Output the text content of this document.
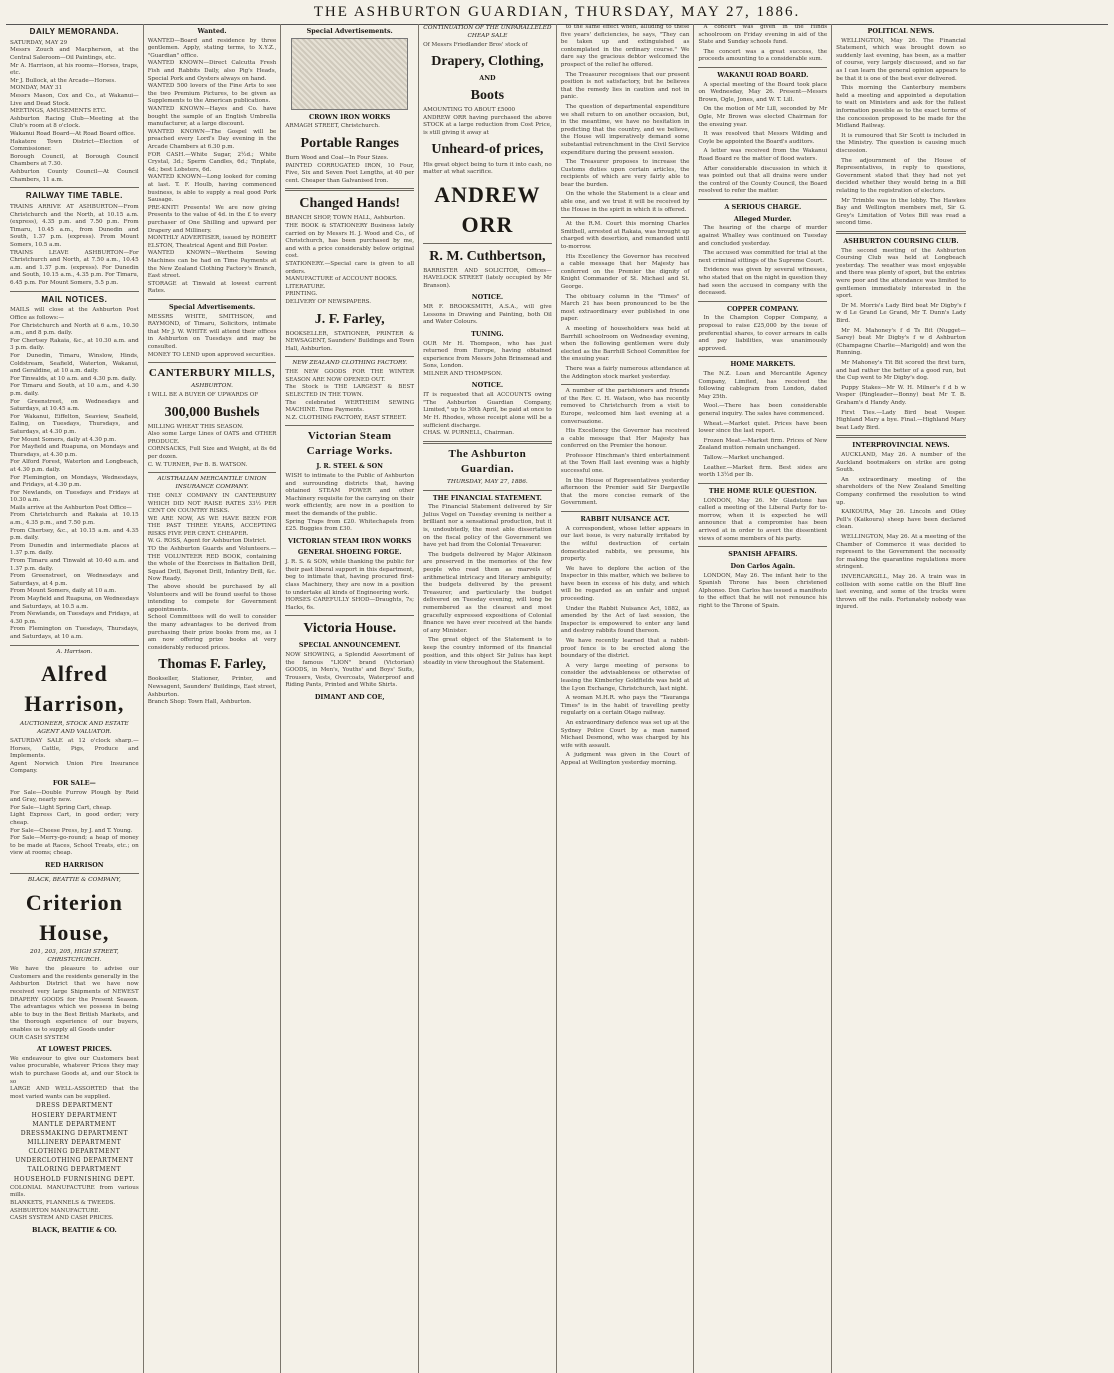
THE ASHBURTON GUARDIAN, THURSDAY, MAY 27, 1886.
DAILY MEMORANDA.
SATURDAY, MAY 29
Messrs Zouch and Macpherson, at the Central Saleroom—Oil Paintings, etc.
Mr A. Harrison, at his rooms—Horses, traps, etc.
Mr J. Bullock, at the Arcade—Horses.
MONDAY, MAY 31
Messrs Mason, Cox and Co., at Wakanui—Live and Dead Stock.
MEETINGS, AMUSEMENTS ETC.
Ashburton Racing Club—Meeting at the Club's room at 8 o'clock.
Wakanui Road Board—At Road Board office.
Hakatere Town District—Election of Commissioner.
Borough Council, at Borough Council Chambers at 7.30.
Ashburton County Council—At Council Chambers, 11 a.m.
RAILWAY TIME TABLE.
TRAINS ARRIVE AT ASHBURTON—From Christchurch and the North, at 10.15 a.m. (express), 4.35 p.m. and 7.50 p.m. From Timaru, 10.45 a.m., from Dunedin and South, 1.37 p.m. (express). From Mount Somers, 10.5 a.m.
TRAINS LEAVE ASHBURTON—For Christchurch and North, at 7.50 a.m., 10.45 a.m. and 1.37 p.m. (express). For Dunedin and South, 10.15 a.m., 4.35 p.m. For Timaru, 6.45 p.m. For Mount Somers, 5.5 p.m.
MAIL NOTICES.
MAILS will close at the Ashburton Post Office as follows:—
For Christchurch and North at 6 a.m., 10.30 a.m., and 8 p.m. daily.
For Chertsey Rakaia, &c., at 10.30 a.m. and 3 p.m. daily.
For Dunedin, Timaru, Winslow, Hinds, Coldstream, Seafield, Waterton, Wakanui, and Geraldine, at 10 a.m. daily.
For Tinwalds, at 10 a.m. and 4.30 p.m. daily.
For Timaru and South, at 10 a.m., and 4.30 p.m. daily.
For Greenstreet, on Wednesdays and Saturdays, at 10.45 a.m.
For Wakanui, Eiffelton, Seaview, Seafield, Ealing, on Tuesdays, Thursdays, and Saturdays, at 4.30 p.m.
For Mount Somers, daily at 4.30 p.m.
For Mayfield and Ruapuna, on Mondays and Thursdays, at 4.30 p.m.
For Alford Forest, Waterton and Longbeach, at 4.30 p.m. daily.
For Flemington, on Mondays, Wednesdays, and Fridays, at 4.30 p.m.
For Newlands, on Tuesdays and Fridays at 10.30 a.m.
Mails arrive at the Ashburton Post Office—
From Christchurch and Rakaia at 10.15 a.m., 4.35 p.m., and 7.50 p.m.
From Chertsey, &c., at 10.15 a.m. and 4.35 p.m. daily.
From Dunedin and intermediate places at 1.37 p.m. daily.
From Timaru and Tinwald at 10.40 a.m. and 1.37 p.m. daily.
From Greenstreet, on Wednesdays and Saturdays, at 4 p.m.
From Mount Somers, daily at 10 a.m.
From Mayfield and Ruapuna, on Wednesdays and Saturdays, at 10.5 a.m.
From Newlands, on Tuesdays and Fridays, at 4.30 p.m.
From Flemington on Tuesdays, Thursdays, and Saturdays, at 10 a.m.
A. Harrison.
Alfred Harrison,
AUCTIONEER, STOCK AND ESTATE AGENT AND VALUATOR.
SATURDAY SALE at 12 o'clock sharp.—Horses, Cattle, Pigs, Produce and Implements.
Agent Norwich Union Fire Insurance Company.
FOR SALE—
For Sale—Double Furrow Plough by Reid and Gray, nearly new.
For Sale—Light Spring Cart, cheap.
Light Express Cart, in good order; very cheap.
For Sale—Cheese Press, by J. and T. Young.
For Sale—Merry-go-round; a heap of money to be made at Races, School Treats, etc.; on view at rooms; cheap.
RED HARRISON
BLACK, BEATTIE & COMPANY,
Criterion House,
201, 203, 205, HIGH STREET, CHRISTCHURCH.
We have the pleasure to advise our Customers and the residents generally in the Ashburton District that we have now received very large Shipments of NEWEST DRAPERY GOODS for the Present Season. The advantages which we possess in being able to buy in the Best British Markets, and the thorough experience of our buyers, enables us to supply all Goods under
OUR CASH SYSTEM
AT LOWEST PRICES.
We endeavour to give our Customers best value procurable, whatever Prices they may wish to purchase Goods at, and our Stock is so
LARGE AND WELL-ASSORTED that the most varied wants can be supplied.
DRESS DEPARTMENT
HOSIERY DEPARTMENT
MANTLE DEPARTMENT
DRESSMAKING DEPARTMENT
MILLINERY DEPARTMENT
CLOTHING DEPARTMENT
UNDERCLOTHING DEPARTMENT
TAILORING DEPARTMENT
HOUSEHOLD FURNISHING DEPT.
COLONIAL MANUFACTURE from various mills.
BLANKETS, FLANNELS & TWEEDS.
ASHBURTON MANUFACTURE.
CASH SYSTEM AND CASH PRICES.
BLACK, BEATTIE & CO.
Wanted.
WANTED—Board and residence by three gentlemen. Apply, stating terms, to X.Y.Z., "Guardian" office.
WANTED KNOWN—Direct Calcutta Fresh Fish and Rabbits Daily, also Pig's Heads, Special Pork and Oysters always on hand.
WANTED 500 lovers of the Fine Arts to see the two Premium Pictures, to be given as Supplements to the American publications.
WANTED KNOWN—Hayes and Co. have bought the sample of an English Umbrella manufacturer, at a large discount.
WANTED KNOWN—The Gospel will be preached every Lord's Day evening in the Arcade Chambers at 6.30 p.m.
FOR CASH.—White Sugar, 2½d.; White Crystal, 3d.; Sperm Candles, 6d.; Tinplate, 4d.; best Lobsters, 6d.
WANTED KNOWN—Long looked for coming at last. T. F. Houlb, having commenced business, is able to supply a real good Pork Sausage.
PRE-KNIT! Presents! We are now giving Presents to the value of 4d. in the £ to every purchaser of One Shilling and upward per Drapery and Millinery.
MONTHLY ADVERTISER, issued by ROBERT ELSTON, Theatrical Agent and Bill Poster.
WANTED KNOWN—Wertheim Sewing Machines can be had on Time Payments at the New Zealand Clothing Factory's Branch, East street.
STORAGE at Tinwald at lowest current Rates.
Special Advertisements.
MESSRS WHITE, SMITHSON, and RAYMOND, of Timaru, Solicitors, intimate that Mr J. W. WHITE will attend their offices in Ashburton on Tuesdays and may be consulted.
MONEY TO LEND upon approved securities.
CANTERBURY MILLS,
ASHBURTON.
I WILL BE A BUYER OF UPWARDS OF
300,000 Bushels
MILLING WHEAT THIS SEASON.
Also some Large Lines of OATS and OTHER PRODUCE.
CORNSACKS, Full Size and Weight, at 8s 6d per dozen.
C. W. TURNER, Per B. B. WATSON.
AUSTRALIAN MERCANTILE UNION INSURANCE COMPANY.
THE ONLY COMPANY IN CANTERBURY WHICH DID NOT RAISE RATES 33½ PER CENT ON COUNTRY RISKS.
WE ARE NOW, AS WE HAVE BEEN FOR THE PAST THREE YEARS, ACCEPTING RISKS FIVE PER CENT. CHEAPER.
W. G. ROSS, Agent for Ashburton District.
TO the Ashburton Guards and Volunteers.—THE VOLUNTEER RED BOOK, containing the whole of the Exercises in Battalion Drill, Squad Drill, Bayonet Drill, Infantry Drill, &c. Now Ready.
The above should be purchased by all Volunteers and will be found useful to those intending to compete for Government appointments.
School Committees will do well to consider the many advantages to be derived from purchasing their prize books from me, as I am now offering prize books at very considerably reduced prices.
Thomas F. Farley,
Bookseller, Stationer, Printer, and Newsagent, Saunders' Buildings, East street, Ashburton.
Branch Shop: Town Hall, Ashburton.
Special Advertisements.
CROWN IRON WORKS
ARMAGH STREET, Christchurch.
Portable Ranges
Burn Wood and Coal—In Four Sizes.
PAINTED CORRUGATED IRON, 10 Four, Five, Six and Seven Feet Lengths, at 40 per cent. Cheaper than Galvanised Iron.
Changed Hands!
BRANCH SHOP, TOWN HALL, Ashburton.
THE BOOK & STATIONERY Business lately carried on by Messrs H. J. Wood and Co., of Christchurch, has been purchased by me, and with a price considerably below original cost.
STATIONERY.—Special care is given to all orders.
MANUFACTURE of ACCOUNT BOOKS.
LITERATURE.
PRINTING.
DELIVERY OF NEWSPAPERS.
J. F. Farley,
BOOKSELLER, STATIONER, PRINTER & NEWSAGENT, Saunders' Buildings and Town Hall, Ashburton.
NEW ZEALAND CLOTHING FACTORY.
THE NEW GOODS FOR THE WINTER SEASON ARE NOW OPENED OUT.
The Stock is THE LARGEST & BEST SELECTED IN THE TOWN.
The celebrated WERTHEIM SEWING MACHINE. Time Payments.
N.Z. CLOTHING FACTORY, EAST STREET.
Victorian Steam Carriage Works.
J. R. STEEL & SON
WISH to intimate to the Public of Ashburton and surrounding districts that, having obtained STEAM POWER and other Machinery requisite for the carrying on their work efficiently, are now in a position to meet the demands of the public.
Spring Traps from £20. Whitechapels from £25. Buggies from £30.
VICTORIAN STEAM IRON WORKS
GENERAL SHOEING FORGE.
J. R. S. & SON, while thanking the public for their past liberal support in this department, beg to intimate that, having procured first-class Machinery, they are now in a position to undertake all kinds of Engineering work.
HORSES CAREFULLY SHOD—Draughts, 7s; Hacks, 6s.
Victoria House.
SPECIAL ANNOUNCEMENT.
NOW SHOWING, a Splendid Assortment of the famous "LION" brand (Victorian) GOODS, in Men's, Youths' and Boys' Suits, Trousers, Vests, Overcoats, Waterproof and Riding Pants, Printed and White Shirts.
DIMANT AND COE,
CONTINUATION OF THE UNPARALLELED CHEAP SALE
Of Messrs Friedlander Bros' stock of
Drapery, Clothing,
AND
Boots
AMOUNTING TO ABOUT £5000
ANDREW ORR having purchased the above STOCK at a large reduction from Cost Price, is still giving it away at
Unheard-of prices,
His great object being to turn it into cash, no matter at what sacrifice.
ANDREW ORR
R. M. Cuthbertson,
BARRISTER AND SOLICITOR, Offices—HAVELOCK STREET (lately occupied by Mr Branson).
NOTICE.
MR F. BROOKSMITH, A.S.A., will give Lessons in Drawing and Painting, both Oil and Water Colours.
TUNING.
OUR Mr H. Thompson, who has just returned from Europe, having obtained experience from Messrs John Brinsmead and Sons, London.
MILNER AND THOMPSON.
NOTICE.
IT is requested that all ACCOUNTS owing "The Ashburton Guardian Company, Limited," up to 30th April, be paid at once to Mr H. Rhodes, whose receipt alone will be a sufficient discharge.
CHAS. W. PURNELL, Chairman.
The Ashburton Guardian.
THURSDAY, MAY 27, 1886.
THE FINANCIAL STATEMENT.

The Financial Statement delivered by Sir Julius Vogel on Tuesday evening is neither a brilliant nor a sensational production, but it is, undoubtedly, the most able dissertation on the fiscal policy of the Government we have yet had from the Colonial Treasurer.

The budgets delivered by Major Atkinson are preserved in the memories of the few people who read them as marvels of arithmetical intricacy and literary ambiguity; the budgets delivered by the present Treasurer, and particularly the budget delivered on Tuesday evening, will long be remembered as the clearest and most gracefully expressed expositions of Colonial finance we have ever received at the hands of any Minister.

The great object of the Statement is to keep the country informed of its financial position, and this object Sir Julius has kept steadily in view throughout the Statement.

to the same effect when, alluding to these five years' deficiencies, he says, "They can be taken up and extinguished as contemplated in the ordinary course." We dare say the gracious debtor welcomed the prospect of the relief he offered.

The Treasurer recognises that our present position is not satisfactory, but he believes that the remedy lies in caution and not in panic.

The question of departmental expenditure we shall return to on another occasion, but, in the meantime, we have no hesitation in predicting that the country, and we believe, the House will imperatively demand some substantial retrenchment in the Civil Service expenditure during the present session.

The Treasurer proposes to increase the Customs duties upon certain articles, the recipients of which are very fairly able to bear the burden.

On the whole the Statement is a clear and able one, and we trust it will be received by the House in the spirit in which it is offered.

At the R.M. Court this morning Charles Smithell, arrested at Rakaia, was brought up charged with desertion, and remanded until to-morrow.

His Excellency the Governor has received a cable message that her Majesty has conferred on the Premier the dignity of Knight Commander of St. Michael and St. George.

The obituary column in the "Times" of March 21 has been pronounced to be the most extraordinary ever published in one paper.

A meeting of householders was held at Barrhill schoolroom on Wednesday evening, when the following gentlemen were duly elected as the Barrhill School Committee for the ensuing year.

There was a fairly numerous attendance at the Addington stock market yesterday.

A number of the parishioners and friends of the Rev. C. H. Watson, who has recently removed to Christchurch from a visit to Europe, welcomed him last evening at a conversazione.

His Excellency the Governor has received a cable message that Her Majesty has conferred on the Premier the honour.

Professor Hinchman's third entertainment at the Town Hall last evening was a highly successful one.

In the House of Representatives yesterday afternoon the Premier said Sir Dargaville that the more concise remark of the Government.

RABBIT NUISANCE ACT.

A correspondent, whose letter appears in our last issue, is very naturally irritated by the wilful destruction of certain domesticated rabbits, we presume, his property.

We have to deplore the action of the Inspector in this matter, which we believe to have been in excess of his duty, and which will be regarded as an unfair and unjust proceeding.

Under the Rabbit Nuisance Act, 1882, as amended by the Act of last session, the Inspector is empowered to enter any land and destroy rabbits found thereon.

We have recently learned that a rabbit-proof fence is to be erected along the boundary of the district.

A very large meeting of persons to consider the advisableness or otherwise of leasing the Kimberley Goldfields was held at the Lyon Exchange, Christchurch, last night.

A woman M.H.R. who pays the "Tauranga Times" is in the habit of travelling pretty regularly on a certain Otago railway.

An extraordinary defence was set up at the Sydney Police Court by a man named Michael Desmond, who was charged by his wife with assault.

A judgment was given in the Court of Appeal at Wellington yesterday morning.

A concert was given in the Hinds schoolroom on Friday evening in aid of the State and Sunday schools fund.

The concert was a great success, the proceeds amounting to a considerable sum.

WAKANUI ROAD BOARD.

A special meeting of the Board took place on Wednesday, May 26. Present—Messrs Brown, Ogle, Jones, and W. T. Lill.

On the motion of Mr Lill, seconded by Mr Ogle, Mr Brown was elected Chairman for the ensuing year.

It was resolved that Messrs Wilding and Coyle be appointed the Board's auditors.

A letter was received from the Wakanui Road Board re the matter of flood waters.

After considerable discussion in which it was pointed out that all drains were under the control of the County Council, the Board resolved to refer the matter.

A SERIOUS CHARGE.
Alleged Murder.

The hearing of the charge of murder against Whalley was continued on Tuesday and concluded yesterday.

The accused was committed for trial at the next criminal sittings of the Supreme Court.

Evidence was given by several witnesses, who stated that on the night in question they had seen the accused in company with the deceased.

COPPER COMPANY.

In the Champion Copper Company, a proposal to raise £25,000 by the issue of preferential shares, to cover arrears in calls and pay liabilities, was unanimously approved.

HOME MARKETS.

The N.Z. Loan and Mercantile Agency Company, Limited, has received the following cablegram from London, dated May 25th.

Wool.—There has been considerable general inquiry. The sales have commenced.

Wheat.—Market quiet. Prices have been lower since the last report.

Frozen Meat.—Market firm. Prices of New Zealand mutton remain unchanged.

Tallow.—Market unchanged.

Leather.—Market firm. Best sides are worth 13½d per lb.

THE HOME RULE QUESTION.

LONDON, May 26. Mr Gladstone has called a meeting of the Liberal Party for to-morrow, when it is expected he will announce that a compromise has been arrived at in order to avert the dissentient views of some members of his party.

SPANISH AFFAIRS.
Don Carlos Again.

LONDON, May 26. The infant heir to the Spanish Throne has been christened Alphonso. Don Carlos has issued a manifesto to the effect that he will not renounce his right to the Throne of Spain.

POLITICAL NEWS.

WELLINGTON, May 26. The Financial Statement, which was brought down so suddenly last evening, has been, as a matter of course, very largely discussed, and so far as I can learn the general opinion appears to be that it is one of the best ever delivered.

This morning the Canterbury members held a meeting and appointed a deputation to wait on Ministers and ask for the fullest information possible as to the exact terms of the concession proposed to be made for the Midland Railway.

It is rumoured that Sir Scott is included in the Ministry. The question is causing much discussion.

The adjournment of the House of Representatives, in reply to questions, Government stated that they had not yet decided whether they would bring in a Bill relating to the registration of electors.

Mr Trimble was in the lobby. The Hawkes Bay and Wellington members met, Sir G. Grey's Limitation of Votes Bill was read a second time.

ASHBURTON COURSING CLUB.

The second meeting of the Ashburton Coursing Club was held at Longbeach yesterday. The weather was most enjoyable and there was plenty of sport, but the entries were poor and the attendance was limited to gentlemen immediately interested in the sport.

Dr M. Morris's Lady Bird beat Mr Digby's f w d Le Grand Le Grand, Mr T. Dunn's Lady Bird.

Mr M. Mahoney's f d Ts Bit (Nugget—Sarey) beat Mr Digby's f w d Ashburton (Champagne Charlie—Marigold) and won the Running.

Mr Mahoney's Tit Bit scored the first turn, and had rather the better of a good run, but the Cup went to Mr Digby's dog.

Puppy Stakes—Mr W. H. Milner's f d b w Vesper (Ringleader—Bonny) beat Mr T. B. Graham's d Handy Andy.

First Ties.—Lady Bird beat Vesper. Highland Mary a bye. Final.—Highland Mary beat Lady Bird.

INTERPROVINCIAL NEWS.

AUCKLAND, May 26. A number of the Auckland bootmakers on strike are going South.

An extraordinary meeting of the shareholders of the New Zealand Smelting Company confirmed the resolution to wind up.

KAIKOURA, May 26. Lincoln and Otley Pell's (Kaikoura) sheep have been declared clean.

WELLINGTON, May 26. At a meeting of the Chamber of Commerce it was decided to represent to the Government the necessity for making the quarantine regulations more stringent.

INVERCARGILL, May 26. A train was in collision with some cattle on the Bluff line last evening, and some of the trucks were thrown off the rails. Fortunately nobody was injured.
